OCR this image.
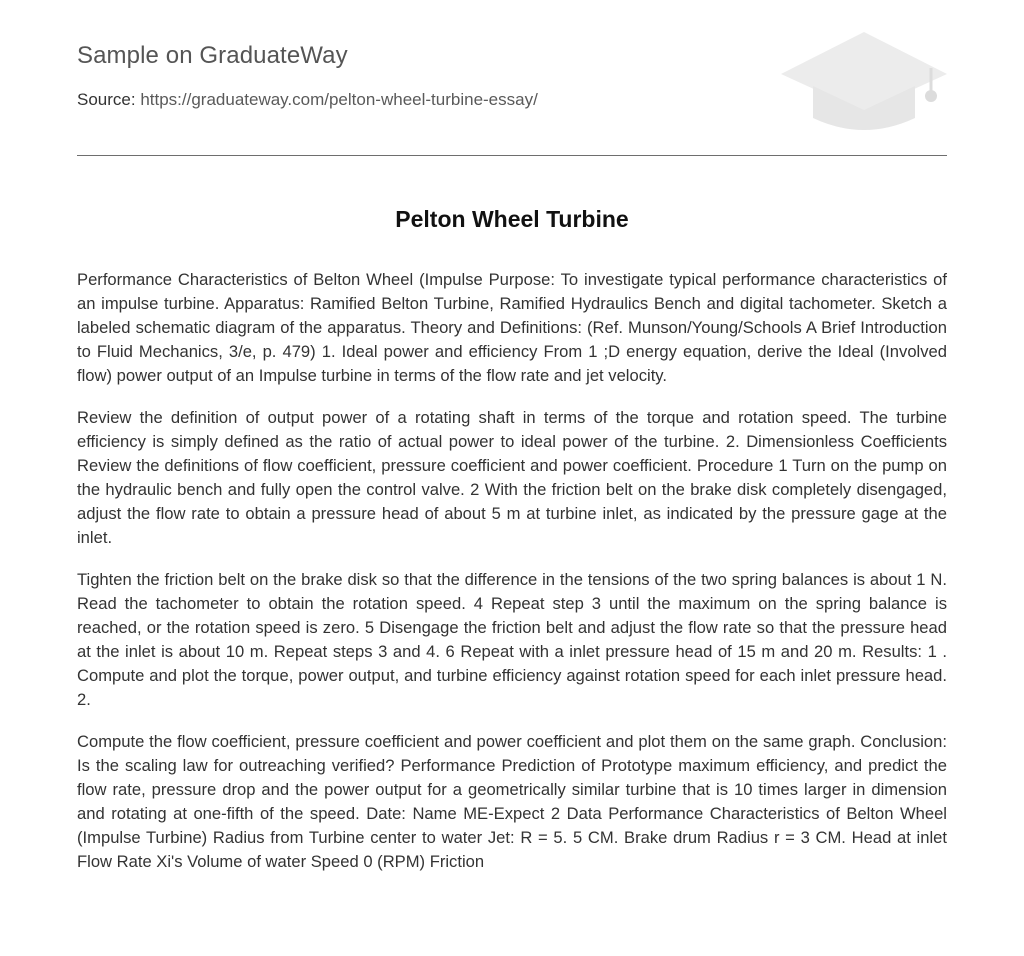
Sample on GraduateWay
Source: https://graduateway.com/pelton-wheel-turbine-essay/
Pelton Wheel Turbine

Performance Characteristics of Belton Wheel (Impulse Purpose: To investigate typical performance characteristics of an impulse turbine. Apparatus: Ramified Belton Turbine, Ramified Hydraulics Bench and digital tachometer. Sketch a labeled schematic diagram of the apparatus. Theory and Definitions: (Ref. Munson/Young/Schools A Brief Introduction to Fluid Mechanics, 3/e, p. 479) 1. Ideal power and efficiency From 1 ;D energy equation, derive the Ideal (Involved flow) power output of an Impulse turbine in terms of the flow rate and jet velocity.

Review the definition of output power of a rotating shaft in terms of the torque and rotation speed. The turbine efficiency is simply defined as the ratio of actual power to ideal power of the turbine. 2. Dimensionless Coefficients Review the definitions of flow coefficient, pressure coefficient and power coefficient. Procedure 1 Turn on the pump on the hydraulic bench and fully open the control valve. 2 With the friction belt on the brake disk completely disengaged, adjust the flow rate to obtain a pressure head of about 5 m at turbine inlet, as indicated by the pressure gage at the inlet.

Tighten the friction belt on the brake disk so that the difference in the tensions of the two spring balances is about 1 N. Read the tachometer to obtain the rotation speed. 4 Repeat step 3 until the maximum on the spring balance is reached, or the rotation speed is zero. 5 Disengage the friction belt and adjust the flow rate so that the pressure head at the inlet is about 10 m. Repeat steps 3 and 4. 6 Repeat with a inlet pressure head of 15 m and 20 m. Results: 1 . Compute and plot the torque, power output, and turbine efficiency against rotation speed for each inlet pressure head. 2.

Compute the flow coefficient, pressure coefficient and power coefficient and plot them on the same graph. Conclusion: Is the scaling law for outreaching verified? Performance Prediction of Prototype maximum efficiency, and predict the flow rate, pressure drop and the power output for a geometrically similar turbine that is 10 times larger in dimension and rotating at one-fifth of the speed. Date: Name ME-Expect 2 Data Performance Characteristics of Belton Wheel (Impulse Turbine) Radius from Turbine center to water Jet: R = 5. 5 CM. Brake drum Radius r = 3 CM. Head at inlet Flow Rate Xi's Volume of water Speed 0 (RPM) Friction
